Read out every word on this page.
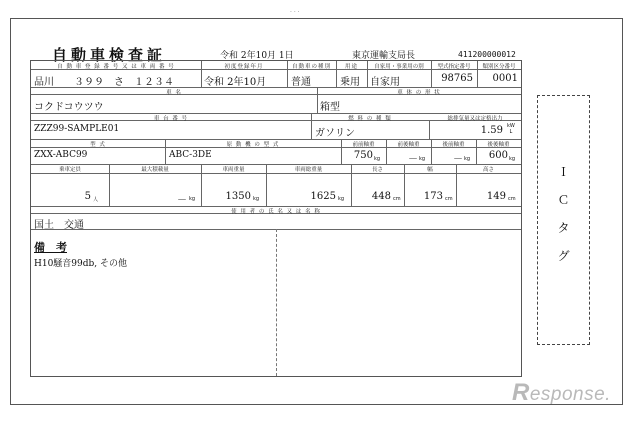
· · ·
自動車検査証	令和 2年10月 1日	東京運輸支局長	411200000012
自 動 車 登 録 番 号 又 は 車 両 番 号	初度登録年月	自動車の種別	用途	自家用・事業用の別	型式指定番号	類別区分番号
品川　　３９９　さ　１２３４	令和 2年10月 普通	乗用 自家用	98765	0001
車 名	車 体 の 形 状
コクドコウツウ	箱型
車 台 番 号	燃 料 の 種 類	総排気量又は定格出力
ZZZ99-SAMPLE01	ガソリン	1.59 kW
L
型 式	原 動 機 の 型 式	前前軸重	前後軸重	後前軸重	後後軸重
ZXX-ABC99	ABC-3DE	750 kg	－ kg	－ kg	600 kg
乗車定員	最大積載量	車両重量	車両総重量	長さ	幅	高さ
5 人	－ kg	1350 kg	1625 kg	448 cm	173 cm	149 cm
使 用 者 の 氏 名 又 は 名 称
国土　交通
備　考
H10騒音99db, その他
Ｉ
Ｃ
タ
グ
Response.
